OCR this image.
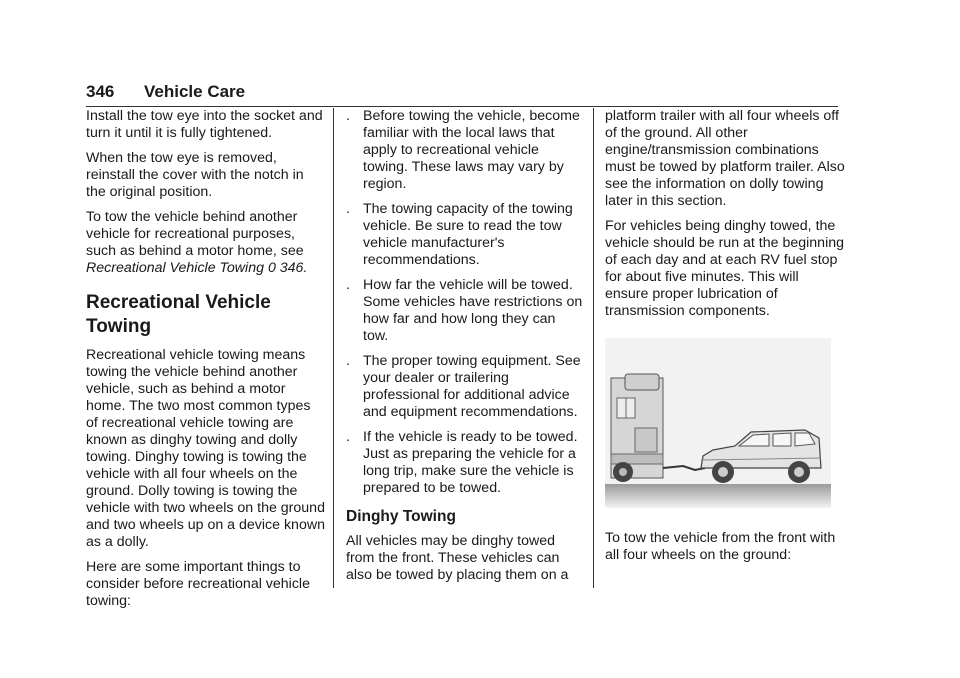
346 Vehicle Care

Install the tow eye into the socket and turn it until it is fully tightened.

When the tow eye is removed, reinstall the cover with the notch in the original position.

To tow the vehicle behind another vehicle for recreational purposes, such as behind a motor home, see Recreational Vehicle Towing 0 346.

Recreational Vehicle Towing

Recreational vehicle towing means towing the vehicle behind another vehicle, such as behind a motor home. The two most common types of recreational vehicle towing are known as dinghy towing and dolly towing. Dinghy towing is towing the vehicle with all four wheels on the ground. Dolly towing is towing the vehicle with two wheels on the ground and two wheels up on a device known as a dolly.

Here are some important things to consider before recreational vehicle towing:

. Before towing the vehicle, become familiar with the local laws that apply to recreational vehicle towing. These laws may vary by region.
. The towing capacity of the towing vehicle. Be sure to read the tow vehicle manufacturer's recommendations.
. How far the vehicle will be towed. Some vehicles have restrictions on how far and how long they can tow.
. The proper towing equipment. See your dealer or trailering professional for additional advice and equipment recommendations.
. If the vehicle is ready to be towed. Just as preparing the vehicle for a long trip, make sure the vehicle is prepared to be towed.
Dinghy Towing

All vehicles may be dinghy towed from the front. These vehicles can also be towed by placing them on a

platform trailer with all four wheels off of the ground. All other engine/transmission combinations must be towed by platform trailer. Also see the information on dolly towing later in this section.

For vehicles being dinghy towed, the vehicle should be run at the beginning of each day and at each RV fuel stop for about five minutes. This will ensure proper lubrication of transmission components.

To tow the vehicle from the front with all four wheels on the ground:
